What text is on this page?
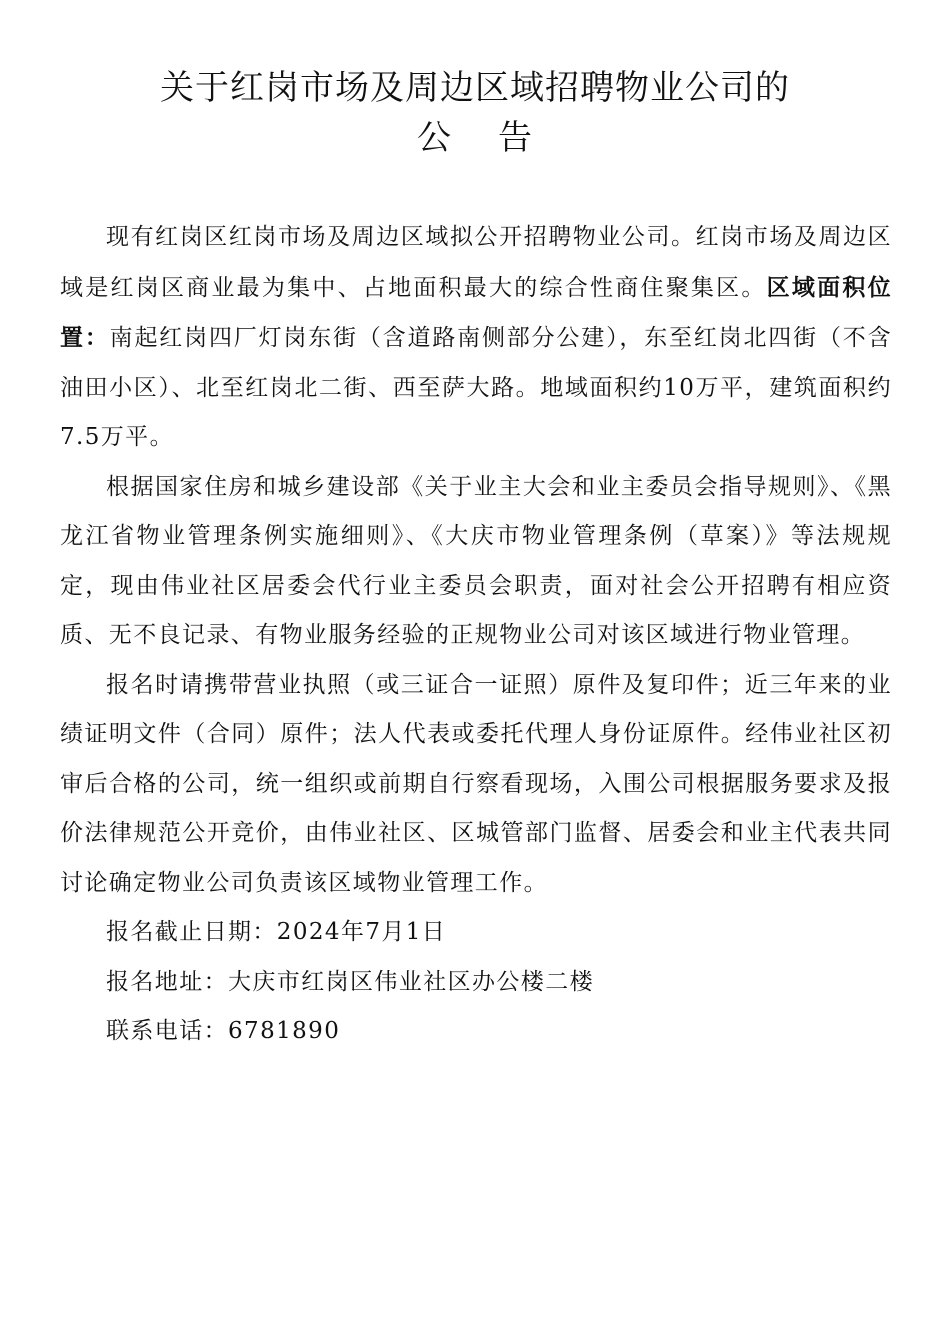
关于红岗市场及周边区域招聘物业公司的
公 告

现有红岗区红岗市场及周边区域拟公开招聘物业公司。红岗市场及周边区域是红岗区商业最为集中、占地面积最大的综合性商住聚集区。区域面积位置：南起红岗四厂灯岗东街（含道路南侧部分公建），东至红岗北四街（不含油田小区）、北至红岗北二街、西至萨大路。地域面积约10万平，建筑面积约7.5万平。

根据国家住房和城乡建设部《关于业主大会和业主委员会指导规则》、《黑龙江省物业管理条例实施细则》、《大庆市物业管理条例（草案）》等法规规定，现由伟业社区居委会代行业主委员会职责，面对社会公开招聘有相应资质、无不良记录、有物业服务经验的正规物业公司对该区域进行物业管理。

报名时请携带营业执照（或三证合一证照）原件及复印件；近三年来的业绩证明文件（合同）原件；法人代表或委托代理人身份证原件。经伟业社区初审后合格的公司，统一组织或前期自行察看现场，入围公司根据服务要求及报价法律规范公开竞价，由伟业社区、区城管部门监督、居委会和业主代表共同讨论确定物业公司负责该区域物业管理工作。

报名截止日期：2024年7月1日

报名地址：大庆市红岗区伟业社区办公楼二楼

联系电话：6781890
